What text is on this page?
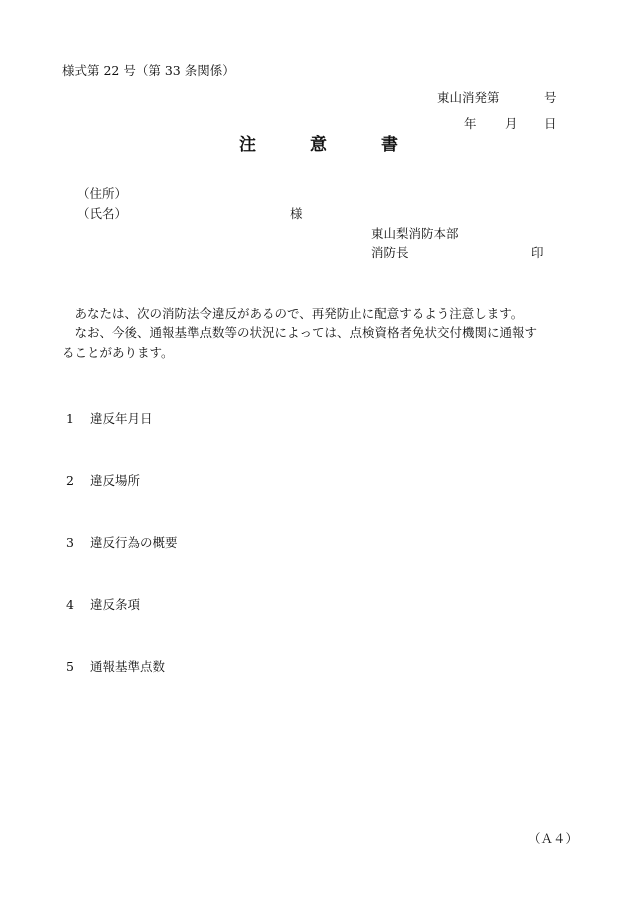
様式第 22 号（第 33 条関係）
東山消発第	号
年 月 日
注	意	書
（住所）
（氏名）	様
東山梨消防本部
消防長	印
　あなたは、次の消防法令違反があるので、再発防止に配意するよう注意します。
　なお、今後、通報基準点数等の状況によっては、点検資格者免状交付機関に通報す
ることがあります。
1 違反年月日
2 違反場所
3 違反行為の概要
4 違反条項
5 通報基準点数
（Ａ４）
